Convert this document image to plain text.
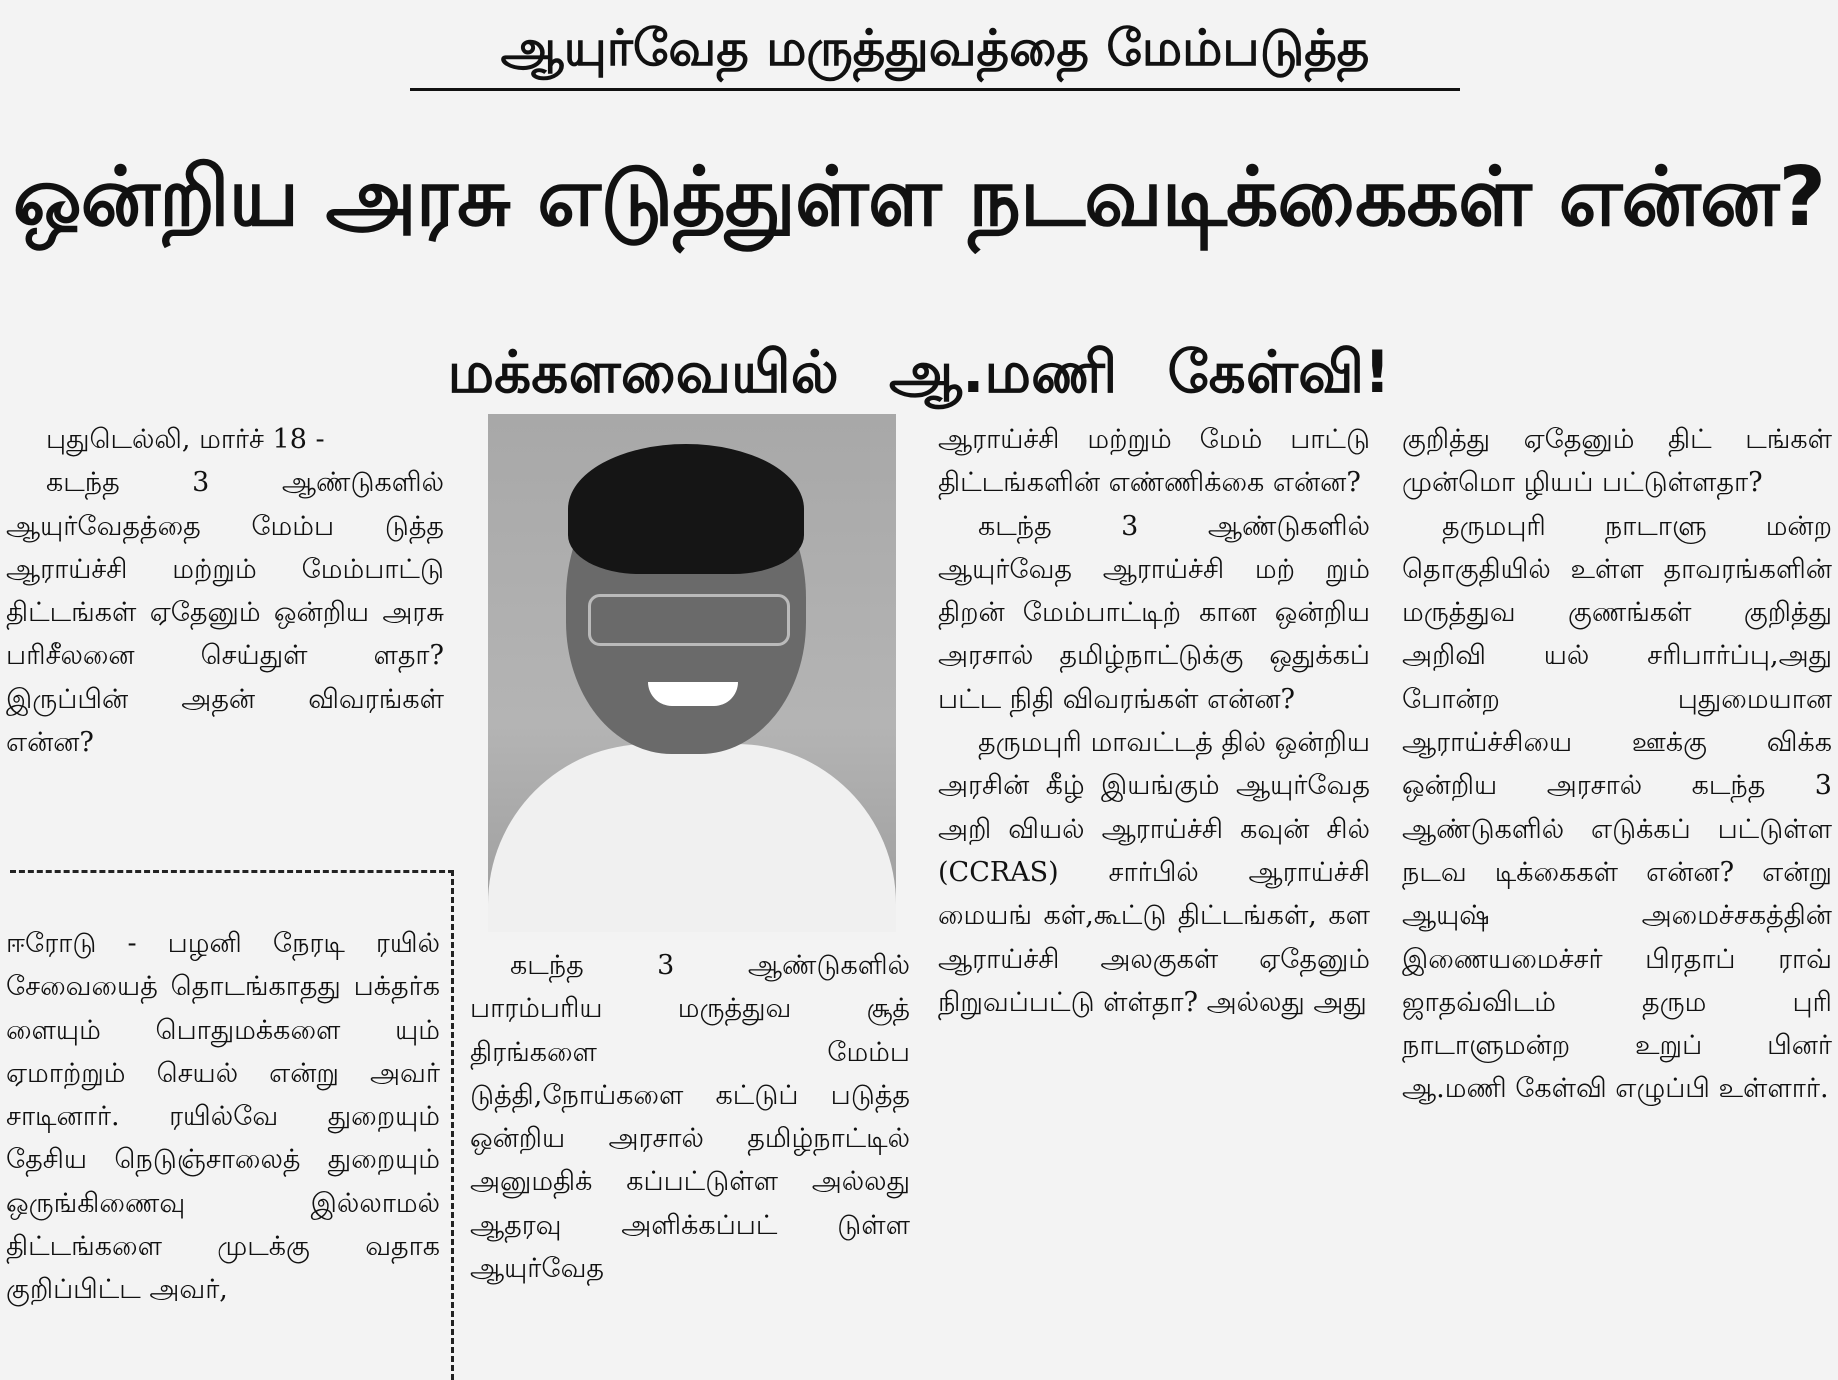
ஆயுர்வேத மருத்துவத்தை மேம்படுத்த
ஒன்றிய அரசு எடுத்துள்ள நடவடிக்கைகள் என்ன?
மக்களவையில் ஆ.மணி கேள்வி!

புதுடெல்லி, மார்ச் 18 -

கடந்த 3 ஆண்டுகளில் ஆயுர்வேதத்தை மேம்ப டுத்த ஆராய்ச்சி மற்றும் மேம்பாட்டு திட்டங்கள் ஏதேனும் ஒன்றிய அரசு பரிசீலனை செய்துள் ளதா?இருப்பின் அதன் விவரங்கள் என்ன?

ஈரோடு - பழனி நேரடி ரயில் சேவையைத் தொடங்காதது பக்தர்க ளையும் பொதுமக்களை யும் ஏமாற்றும் செயல் என்று அவர் சாடினார். ரயில்வே துறையும் தேசிய நெடுஞ்சாலைத் துறையும் ஒருங்கிணைவு இல்லாமல் திட்டங்களை முடக்கு வதாக குறிப்பிட்ட அவர்,

கடந்த 3 ஆண்டுகளில் பாரம்பரிய மருத்துவ சூத் திரங்களை மேம்ப டுத்தி,நோய்களை கட்டுப் படுத்த ஒன்றிய அரசால் தமிழ்நாட்டில் அனுமதிக் கப்பட்டுள்ள அல்லது ஆதரவு அளிக்கப்பட் டுள்ள ஆயுர்வேத

ஆராய்ச்சி மற்றும் மேம் பாட்டு திட்டங்களின் எண்ணிக்கை என்ன?

கடந்த 3 ஆண்டுகளில் ஆயுர்வேத ஆராய்ச்சி மற் றும் திறன் மேம்பாட்டிற் கான ஒன்றிய அரசால் தமிழ்நாட்டுக்கு ஒதுக்கப் பட்ட நிதி விவரங்கள் என்ன?

தருமபுரி மாவட்டத் தில் ஒன்றிய அரசின் கீழ் இயங்கும் ஆயுர்வேத அறி வியல் ஆராய்ச்சி கவுன் சில் (CCRAS) சார்பில் ஆராய்ச்சி மையங் கள்,கூட்டு திட்டங்கள், கள ஆராய்ச்சி அலகுகள் ஏதேனும் நிறுவப்பட்டு ள்ள்தா? அல்லது அது

குறித்து ஏதேனும் திட் டங்கள் முன்மொ ழியப் பட்டுள்ளதா?

தருமபுரி நாடாளு மன்ற தொகுதியில் உள்ள தாவரங்களின் மருத்துவ குணங்கள் குறித்து அறிவி யல் சரிபார்ப்பு,அது போன்ற புதுமையான ஆராய்ச்சியை ஊக்கு விக்க ஒன்றிய அரசால் கடந்த 3 ஆண்டுகளில் எடுக்கப் பட்டுள்ள நடவ டிக்கைகள் என்ன? என்று ஆயுஷ் அமைச்சகத்தின் இணையமைச்சர் பிரதாப் ராவ் ஜாதவ்விடம் தரும புரி நாடாளுமன்ற உறுப் பினர் ஆ.மணி கேள்வி எழுப்பி உள்ளார்.
